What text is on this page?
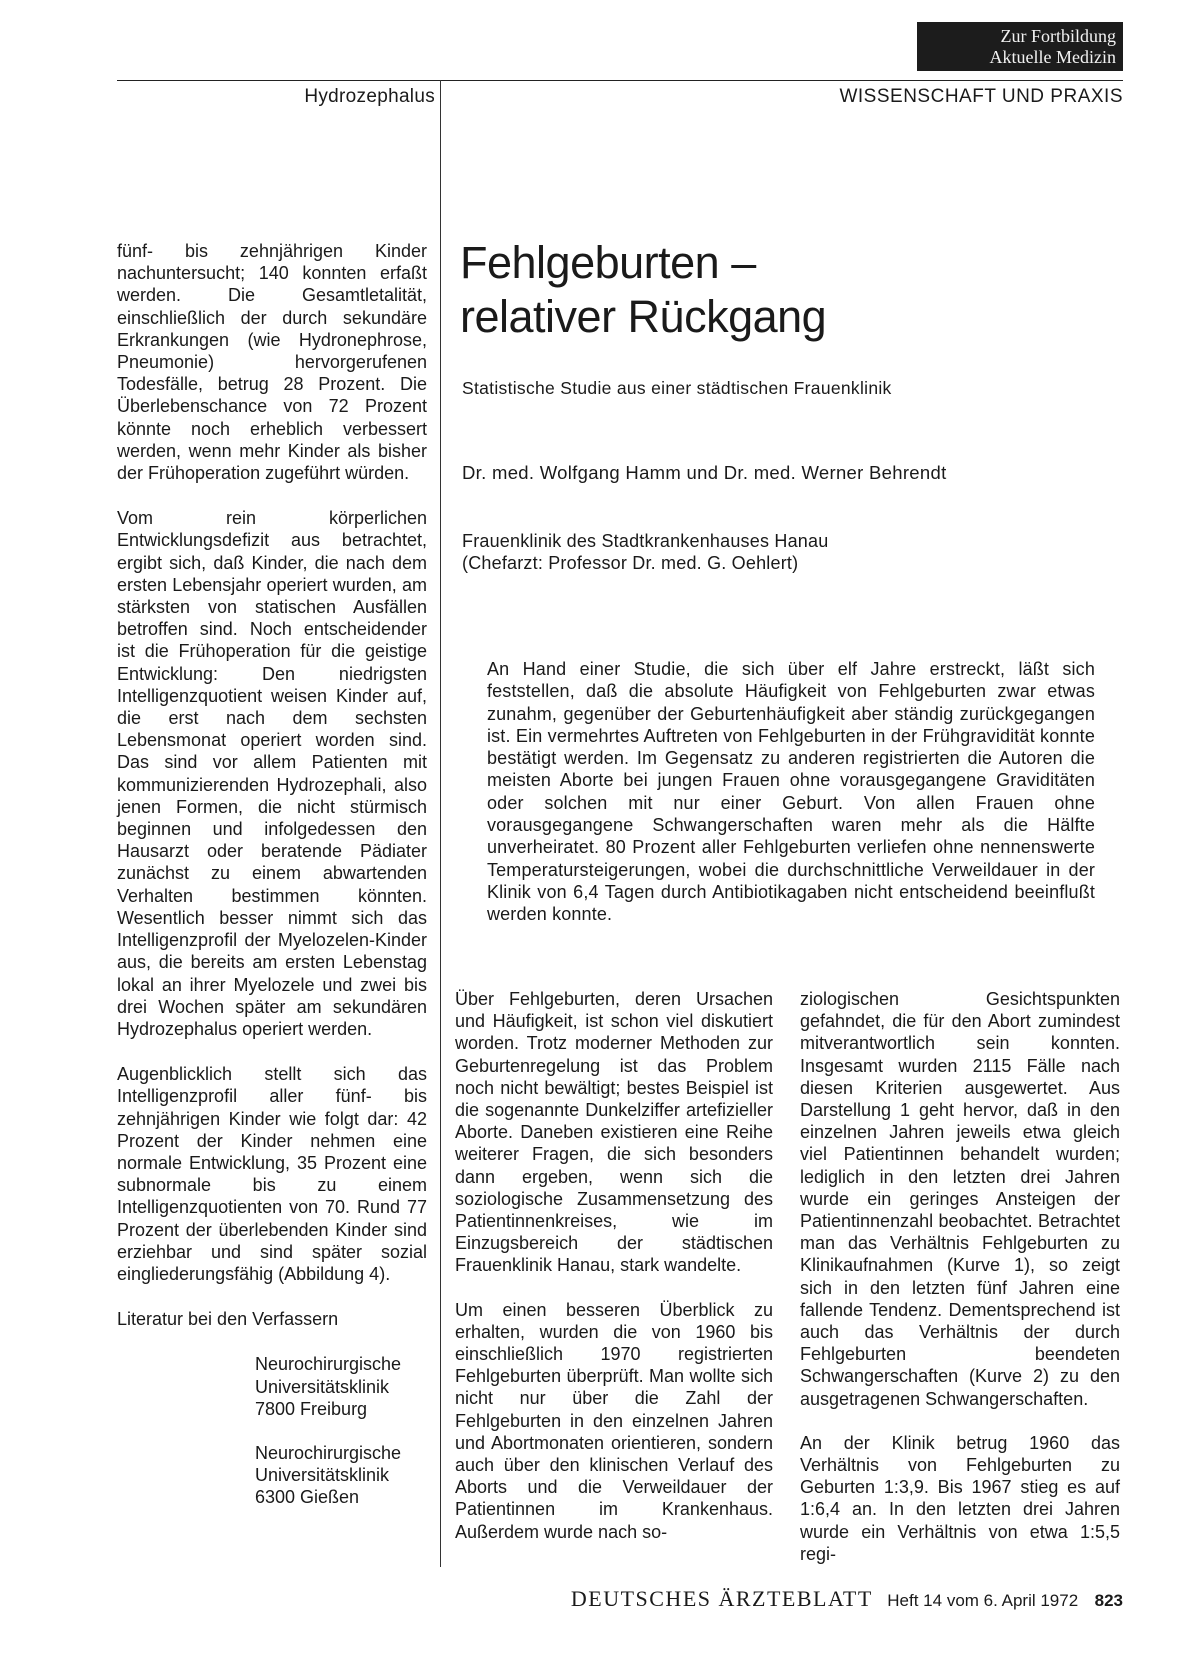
Zur Fortbildung
Aktuelle Medizin
Hydrozephalus	WISSENSCHAFT UND PRAXIS

fünf- bis zehnjährigen Kinder nachuntersucht; 140 konnten erfaßt werden. Die Gesamtletalität, einschließlich der durch sekundäre Erkrankungen (wie Hydronephrose, Pneumonie) hervorgerufenen Todesfälle, betrug 28 Prozent. Die Überlebenschance von 72 Prozent könnte noch erheblich verbessert werden, wenn mehr Kinder als bisher der Frühoperation zugeführt würden.

Vom rein körperlichen Entwicklungsdefizit aus betrachtet, ergibt sich, daß Kinder, die nach dem ersten Lebensjahr operiert wurden, am stärksten von statischen Ausfällen betroffen sind. Noch entscheidender ist die Frühoperation für die geistige Entwicklung: Den niedrigsten Intelligenzquotient weisen Kinder auf, die erst nach dem sechsten Lebensmonat operiert worden sind. Das sind vor allem Patienten mit kommunizierenden Hydrozephali, also jenen Formen, die nicht stürmisch beginnen und infolgedessen den Hausarzt oder beratende Pädiater zunächst zu einem abwartenden Verhalten bestimmen könnten. Wesentlich besser nimmt sich das Intelligenzprofil der Myelozelen-Kinder aus, die bereits am ersten Lebenstag lokal an ihrer Myelozele und zwei bis drei Wochen später am sekundären Hydrozephalus operiert werden.

Augenblicklich stellt sich das Intelligenzprofil aller fünf- bis zehnjährigen Kinder wie folgt dar: 42 Prozent der Kinder nehmen eine normale Entwicklung, 35 Prozent eine subnormale bis zu einem Intelligenzquotienten von 70. Rund 77 Prozent der überlebenden Kinder sind erziehbar und sind später sozial eingliederungsfähig (Abbildung 4).

Literatur bei den Verfassern

Neurochirurgische
Universitätsklinik
7800 Freiburg

Neurochirurgische
Universitätsklinik
6300 Gießen

Fehlgeburten –
relativer Rückgang
Statistische Studie aus einer städtischen Frauenklinik
Dr. med. Wolfgang Hamm und Dr. med. Werner Behrendt
Frauenklinik des Stadtkrankenhauses Hanau
(Chefarzt: Professor Dr. med. G. Oehlert)
An Hand einer Studie, die sich über elf Jahre erstreckt, läßt sich feststellen, daß die absolute Häufigkeit von Fehlgeburten zwar etwas zunahm, gegenüber der Geburtenhäufigkeit aber ständig zurückgegangen ist. Ein vermehrtes Auftreten von Fehlgeburten in der Frühgravidität konnte bestätigt werden. Im Gegensatz zu anderen registrierten die Autoren die meisten Aborte bei jungen Frauen ohne vorausgegangene Graviditäten oder solchen mit nur einer Geburt. Von allen Frauen ohne vorausgegangene Schwangerschaften waren mehr als die Hälfte unverheiratet. 80 Prozent aller Fehlgeburten verliefen ohne nennenswerte Temperatursteigerungen, wobei die durchschnittliche Verweildauer in der Klinik von 6,4 Tagen durch Antibiotikagaben nicht entscheidend beeinflußt werden konnte.

Über Fehlgeburten, deren Ursachen und Häufigkeit, ist schon viel diskutiert worden. Trotz moderner Methoden zur Geburtenregelung ist das Problem noch nicht bewältigt; bestes Beispiel ist die sogenannte Dunkelziffer artefizieller Aborte. Daneben existieren eine Reihe weiterer Fragen, die sich besonders dann ergeben, wenn sich die soziologische Zusammensetzung des Patientinnenkreises, wie im Einzugsbereich der städtischen Frauenklinik Hanau, stark wandelte.

Um einen besseren Überblick zu erhalten, wurden die von 1960 bis einschließlich 1970 registrierten Fehlgeburten überprüft. Man wollte sich nicht nur über die Zahl der Fehlgeburten in den einzelnen Jahren und Abortmonaten orientieren, sondern auch über den klinischen Verlauf des Aborts und die Verweildauer der Patientinnen im Krankenhaus. Außerdem wurde nach so-

ziologischen Gesichtspunkten gefahndet, die für den Abort zumindest mitverantwortlich sein konnten. Insgesamt wurden 2115 Fälle nach diesen Kriterien ausgewertet. Aus Darstellung 1 geht hervor, daß in den einzelnen Jahren jeweils etwa gleich viel Patientinnen behandelt wurden; lediglich in den letzten drei Jahren wurde ein geringes Ansteigen der Patientinnenzahl beobachtet. Betrachtet man das Verhältnis Fehlgeburten zu Klinikaufnahmen (Kurve 1), so zeigt sich in den letzten fünf Jahren eine fallende Tendenz. Dementsprechend ist auch das Verhältnis der durch Fehlgeburten beendeten Schwangerschaften (Kurve 2) zu den ausgetragenen Schwangerschaften.

An der Klinik betrug 1960 das Verhältnis von Fehlgeburten zu Geburten 1:3,9. Bis 1967 stieg es auf 1:6,4 an. In den letzten drei Jahren wurde ein Verhältnis von etwa 1:5,5 regi-

DEUTSCHES ÄRZTEBLATT Heft 14 vom 6. April 1972 823
